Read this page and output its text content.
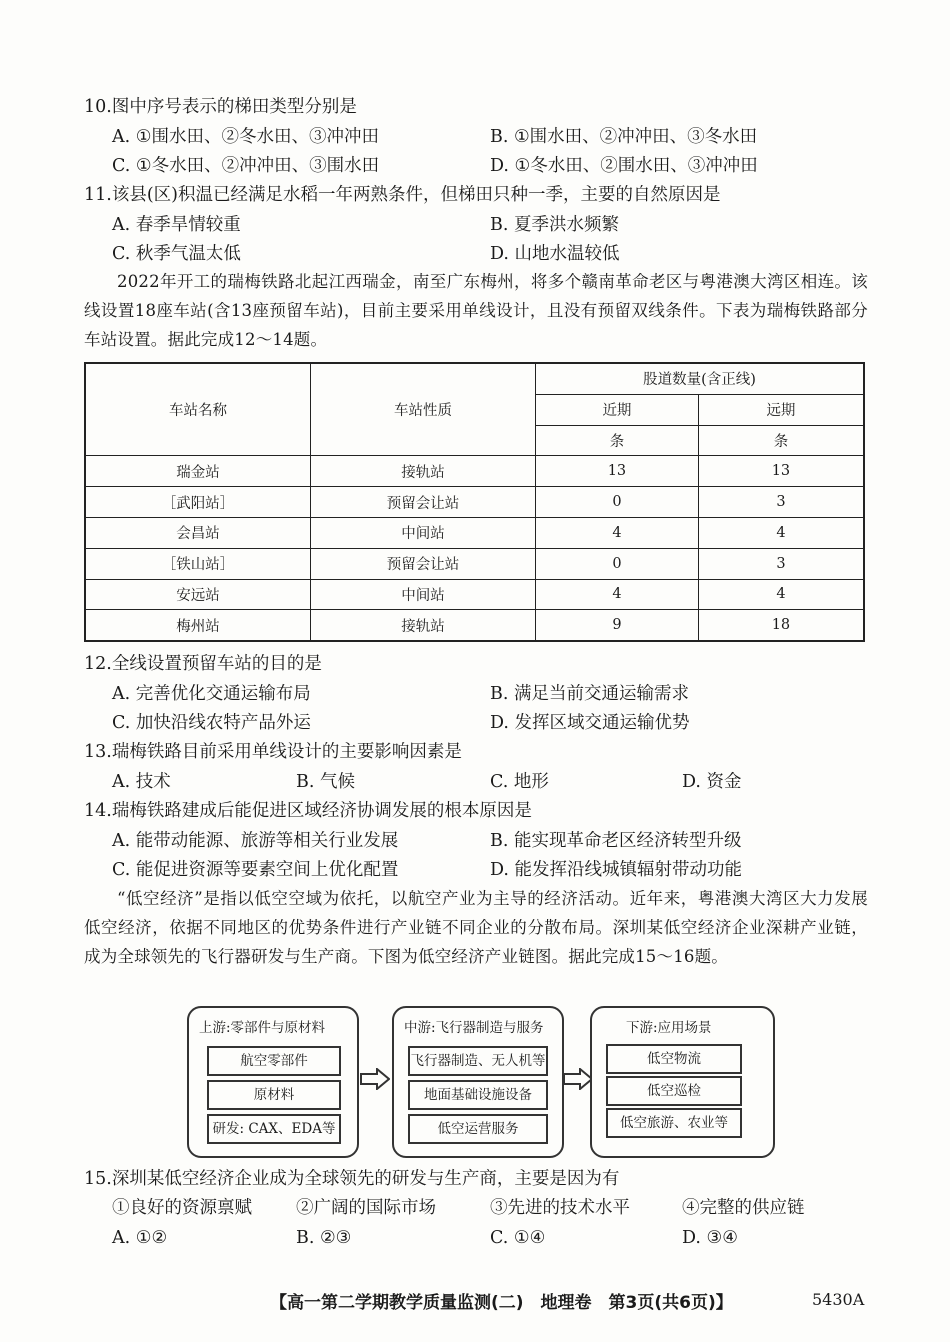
10.图中序号表示的梯田类型分别是
A. ①围水田、②冬水田、③冲冲田	B. ①围水田、②冲冲田、③冬水田
C. ①冬水田、②冲冲田、③围水田	D. ①冬水田、②围水田、③冲冲田
11.该县(区)积温已经满足水稻一年两熟条件，但梯田只种一季，主要的自然原因是
A. 春季旱情较重	B. 夏季洪水频繁
C. 秋季气温太低	D. 山地水温较低
2022年开工的瑞梅铁路北起江西瑞金，南至广东梅州，将多个赣南革命老区与粤港澳大湾区相连。该线设置18座车站(含13座预留车站)，目前主要采用单线设计，且没有预留双线条件。下表为瑞梅铁路部分车站设置。据此完成12～14题。
车站名称	车站性质	股道数量(含正线)	
		近期	远期
		条	条
瑞金站	接轨站	13	13
［武阳站］	预留会让站	0	3
会昌站	中间站	4	4
［铁山站］	预留会让站	0	3
安远站	中间站	4	4
梅州站	接轨站	9	18
12.全线设置预留车站的目的是
A. 完善优化交通运输布局	B. 满足当前交通运输需求
C. 加快沿线农特产品外运	D. 发挥区域交通运输优势
13.瑞梅铁路目前采用单线设计的主要影响因素是
A. 技术	B. 气候	C. 地形	D. 资金
14.瑞梅铁路建成后能促进区域经济协调发展的根本原因是
A. 能带动能源、旅游等相关行业发展	B. 能实现革命老区经济转型升级
C. 能促进资源等要素空间上优化配置	D. 能发挥沿线城镇辐射带动功能
“低空经济”是指以低空空域为依托，以航空产业为主导的经济活动。近年来，粤港澳大湾区大力发展低空经济，依据不同地区的优势条件进行产业链不同企业的分散布局。深圳某低空经济企业深耕产业链，成为全球领先的飞行器研发与生产商。下图为低空经济产业链图。据此完成15～16题。
上游:零部件与原材料
航空零部件
原材料
研发: CAX、EDA等
中游:飞行器制造与服务
飞行器制造、无人机等
地面基础设施设备
低空运营服务
下游:应用场景
低空物流
低空巡检
低空旅游、农业等
15.深圳某低空经济企业成为全球领先的研发与生产商，主要是因为有
①良好的资源禀赋	②广阔的国际市场	③先进的技术水平	④完整的供应链
A. ①②	B. ②③	C. ①④	D. ③④
【高一第二学期教学质量监测(二)　地理卷　第3页(共6页)】	5430A
